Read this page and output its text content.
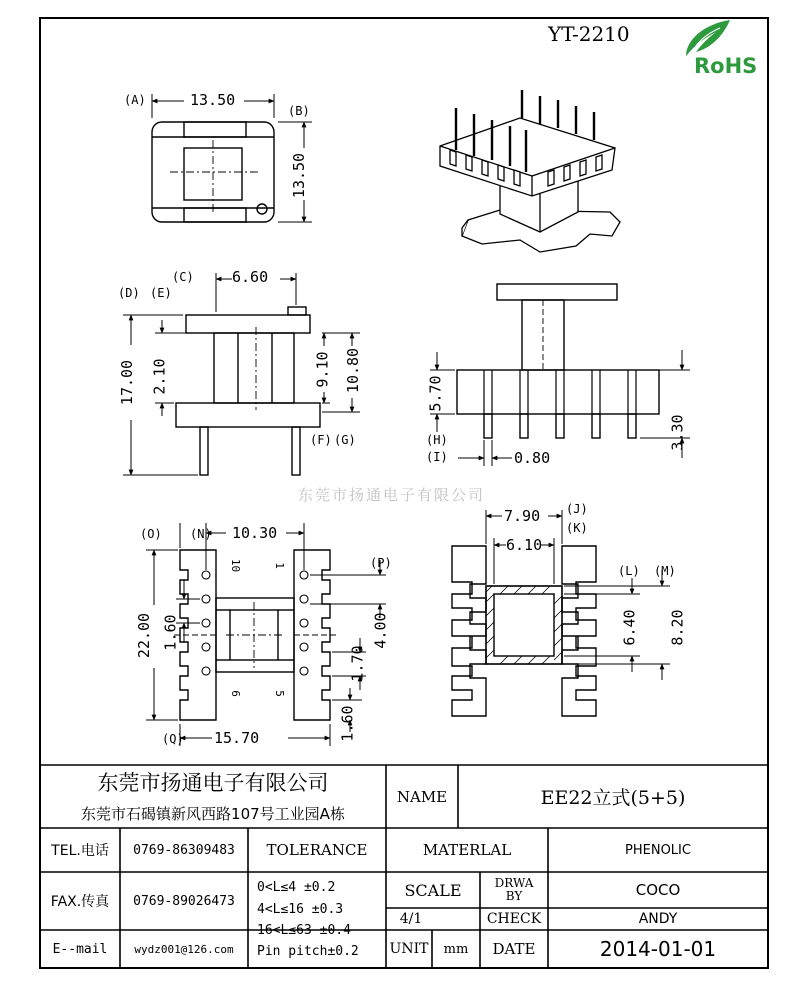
YT-2210
RoHS
(A)	13.50
(B)
13.50
(C)	6.60
(D) (E)
17.00 2.10	9.10 10.80
(F) (G)
5.70
(H)
(I)	0.80
3.30
东莞市扬通电子有限公司
(O) (N) 10.30
(P)
10	1
22.00 1.60	4.00
1.70
6	5
1.60
(Q) 15.70
7.90 (J)
(K)
6.10
(L) (M)
6.40 8.20
东莞市扬通电子有限公司
东莞市石碣镇新风西路107号工业园A栋
NAME	EE22立式(5+5)
TEL.电话	0769-86309483	TOLERANCE	MATERLAL	PHENOLIC
FAX.传真	0769-89026473
0<L≤4 ±0.2
4<L≤16 ±0.3
16<L≤63 ±0.4
Pin pitch±0.2
SCALE	DRWA BY	COCO
4/1	CHECK	ANDY
E--mail	wydz001@126.com	UNIT	mm	DATE	2014-01-01
